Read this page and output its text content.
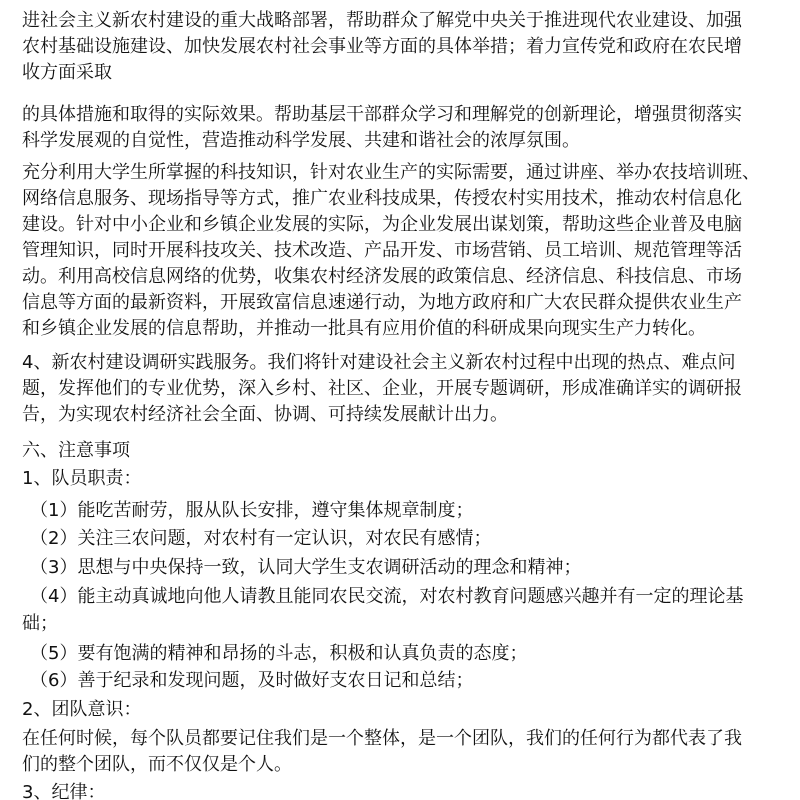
进社会主义新农村建设的重大战略部署，帮助群众了解党中央关于推进现代农业建设、加强
农村基础设施建设、加快发展农村社会事业等方面的具体举措；着力宣传党和政府在农民增
收方面采取
的具体措施和取得的实际效果。帮助基层干部群众学习和理解党的创新理论，增强贯彻落实
科学发展观的自觉性，营造推动科学发展、共建和谐社会的浓厚氛围。
充分利用大学生所掌握的科技知识，针对农业生产的实际需要，通过讲座、举办农技培训班、
网络信息服务、现场指导等方式，推广农业科技成果，传授农村实用技术，推动农村信息化
建设。针对中小企业和乡镇企业发展的实际，为企业发展出谋划策，帮助这些企业普及电脑
管理知识，同时开展科技攻关、技术改造、产品开发、市场营销、员工培训、规范管理等活
动。利用高校信息网络的优势，收集农村经济发展的政策信息、经济信息、科技信息、市场
信息等方面的最新资料，开展致富信息速递行动，为地方政府和广大农民群众提供农业生产
和乡镇企业发展的信息帮助，并推动一批具有应用价值的科研成果向现实生产力转化。
4、新农村建设调研实践服务。我们将针对建设社会主义新农村过程中出现的热点、难点问
题，发挥他们的专业优势，深入乡村、社区、企业，开展专题调研，形成准确详实的调研报
告，为实现农村经济社会全面、协调、可持续发展献计出力。
六、注意事项
1、队员职责：
（1）能吃苦耐劳，服从队长安排，遵守集体规章制度；
（2）关注三农问题，对农村有一定认识，对农民有感情；
（3）思想与中央保持一致，认同大学生支农调研活动的理念和精神；
（4）能主动真诚地向他人请教且能同农民交流，对农村教育问题感兴趣并有一定的理论基
础；
（5）要有饱满的精神和昂扬的斗志，积极和认真负责的态度；
（6）善于纪录和发现问题，及时做好支农日记和总结；
2、团队意识：
在任何时候，每个队员都要记住我们是一个整体，是一个团队，我们的任何行为都代表了我
们的整个团队，而不仅仅是个人。
3、纪律：
